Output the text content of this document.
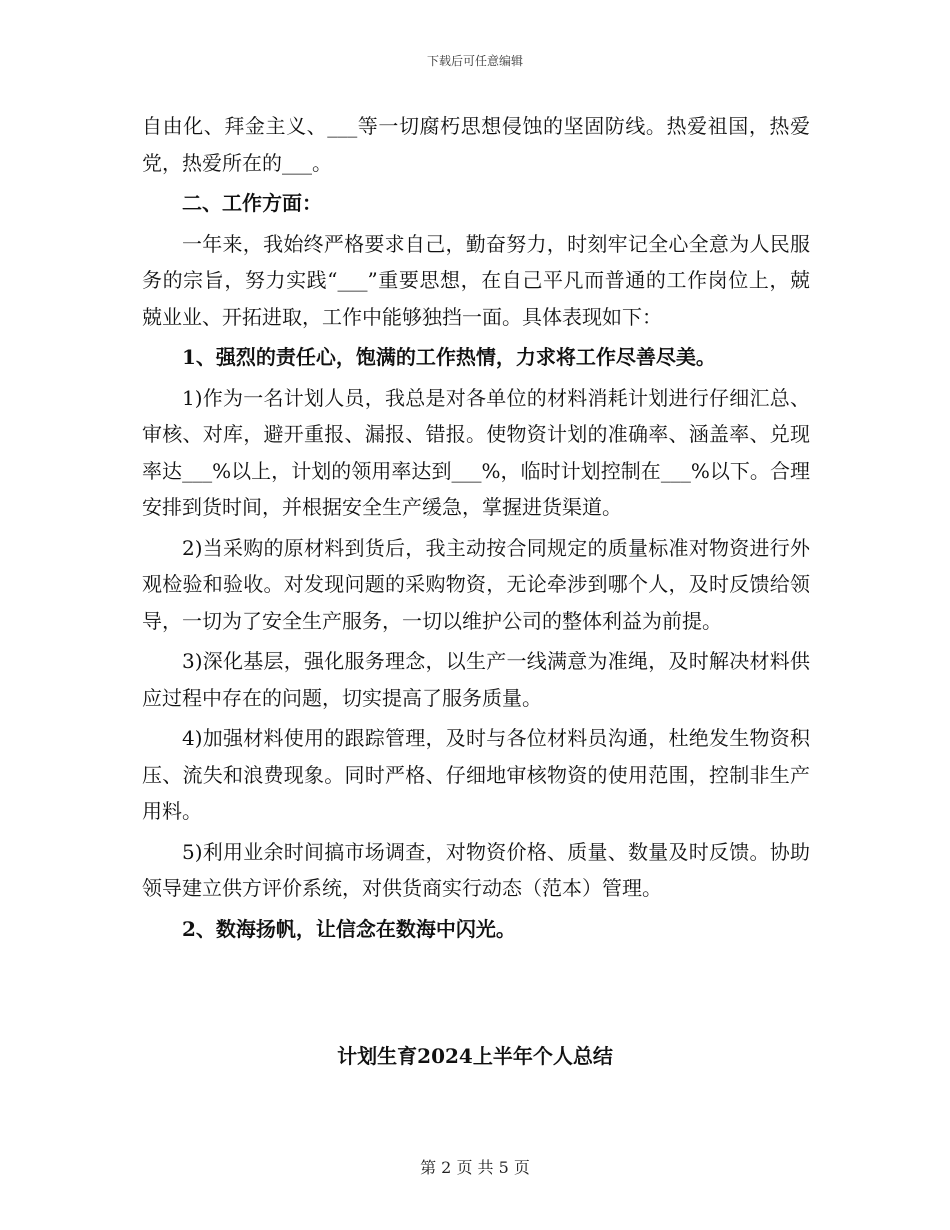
下载后可任意编辑

自由化、拜金主义、___等一切腐朽思想侵蚀的坚固防线。热爱祖国，热爱党，热爱所在的___。

二、工作方面：

一年来，我始终严格要求自己，勤奋努力，时刻牢记全心全意为人民服务的宗旨，努力实践“___”重要思想，在自己平凡而普通的工作岗位上，兢兢业业、开拓进取，工作中能够独挡一面。具体表现如下：

1、强烈的责任心，饱满的工作热情，力求将工作尽善尽美。

1)作为一名计划人员，我总是对各单位的材料消耗计划进行仔细汇总、审核、对库，避开重报、漏报、错报。使物资计划的准确率、涵盖率、兑现率达___%以上，计划的领用率达到___%，临时计划控制在___%以下。合理安排到货时间，并根据安全生产缓急，掌握进货渠道。

2)当采购的原材料到货后，我主动按合同规定的质量标准对物资进行外观检验和验收。对发现问题的采购物资，无论牵涉到哪个人，及时反馈给领导，一切为了安全生产服务，一切以维护公司的整体利益为前提。

3)深化基层，强化服务理念，以生产一线满意为准绳，及时解决材料供应过程中存在的问题，切实提高了服务质量。

4)加强材料使用的跟踪管理，及时与各位材料员沟通，杜绝发生物资积压、流失和浪费现象。同时严格、仔细地审核物资的使用范围，控制非生产用料。

5)利用业余时间搞市场调查，对物资价格、质量、数量及时反馈。协助领导建立供方评价系统，对供货商实行动态（范本）管理。

2、数海扬帆，让信念在数海中闪光。

计划生育2024上半年个人总结
第 2 页 共 5 页
